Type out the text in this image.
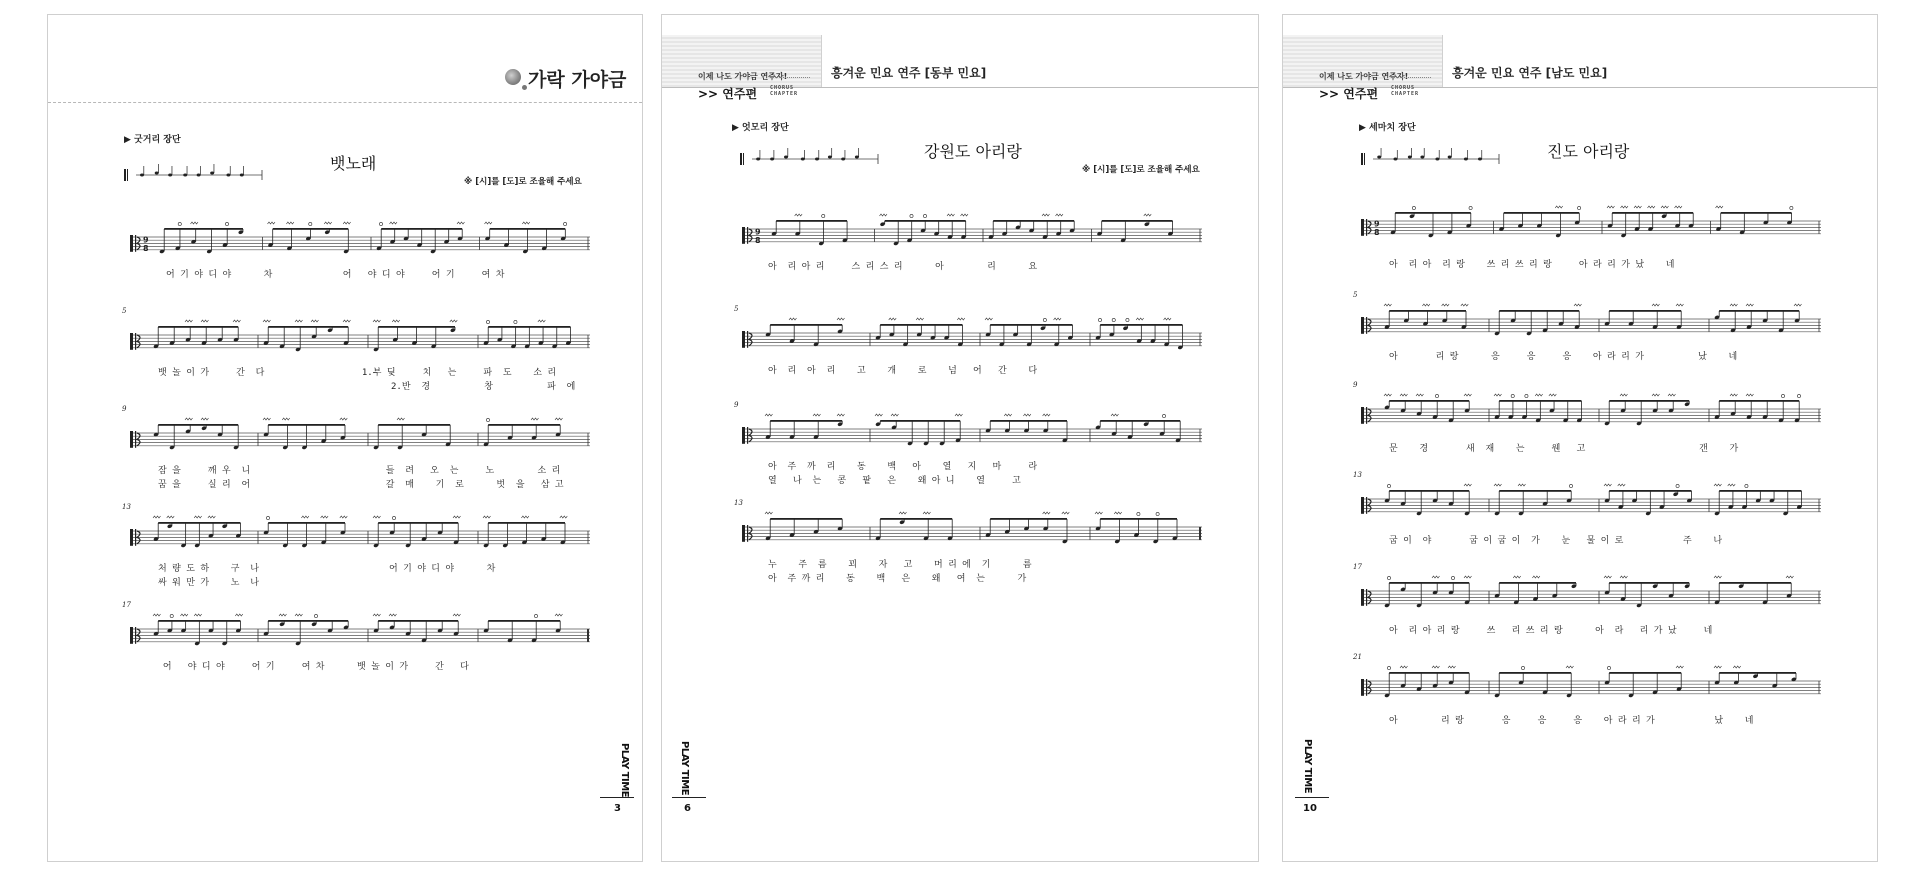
가락 가야금
▶ 굿거리 장단
뱃노래
※ [시]를 [도]로 조율해 주세요
9
8
어 기 야 디 야      차             어   야 디 야     어 기     여 차
5
뱃 놀 이 가     간  다                  1.부 딪     치   는     파  도    소 리
2.반  경          창          파  에
9
잠 을     깨 우  니                         들  려   오  는     노        소 리
꿈 을     실 리  어                         갈  매    기  로      벗  을   삼 고
13
처 량 도 하    구  나                        어 기 야 디 야      차
싸 워 만 가    노  나
17
어   야 디 야     어 기     여 차      뱃 놀 이 가     간   다
PLAY TIME
3
이제 나도 가야금 연주자!
>> 연주편	CHORUS CHAPTER
흥겨운 민요 연주 [동부 민요]
▶ 엇모리 장단
강원도 아리랑
※ [시]를 [도]로 조율해 주세요
9
8
아  리 아 리     스 리 스 리      아        리      요
5
아  리  아  리    고    개    로    넘   어   간    다
9
아  주  까  리    동    백   아    열   지   마     라
열   나  는   콩   팥   은    왜 아 니    열     고
13
누    주  름    꾀    자   고    머 리 에  기      름
아  주 까 리    동    백   은    왜   여  는      가
PLAY TIME
6
이제 나도 가야금 연주자!
>> 연주편	CHORUS CHAPTER
흥겨운 민요 연주 [남도 민요]
▶ 세마치 장단
진도 아리랑
9
8
아  리 아  리 랑    쓰 리 쓰 리 랑     아 라 리 가 났    네
5
아       리 랑      응     응     응    아 라 리 가          났    네
9
문    경       새  재    는     웬   고                     갠    가
13
굽 이  야       굽 이 굽 이  가    눈   물 이 로           주    나
17
아  리 아 리 랑     쓰   리 쓰 리 랑      아  라   리 가 났     네
21
아        리 랑       응     응     응    아 라 리 가           났    네
PLAY TIME
10
